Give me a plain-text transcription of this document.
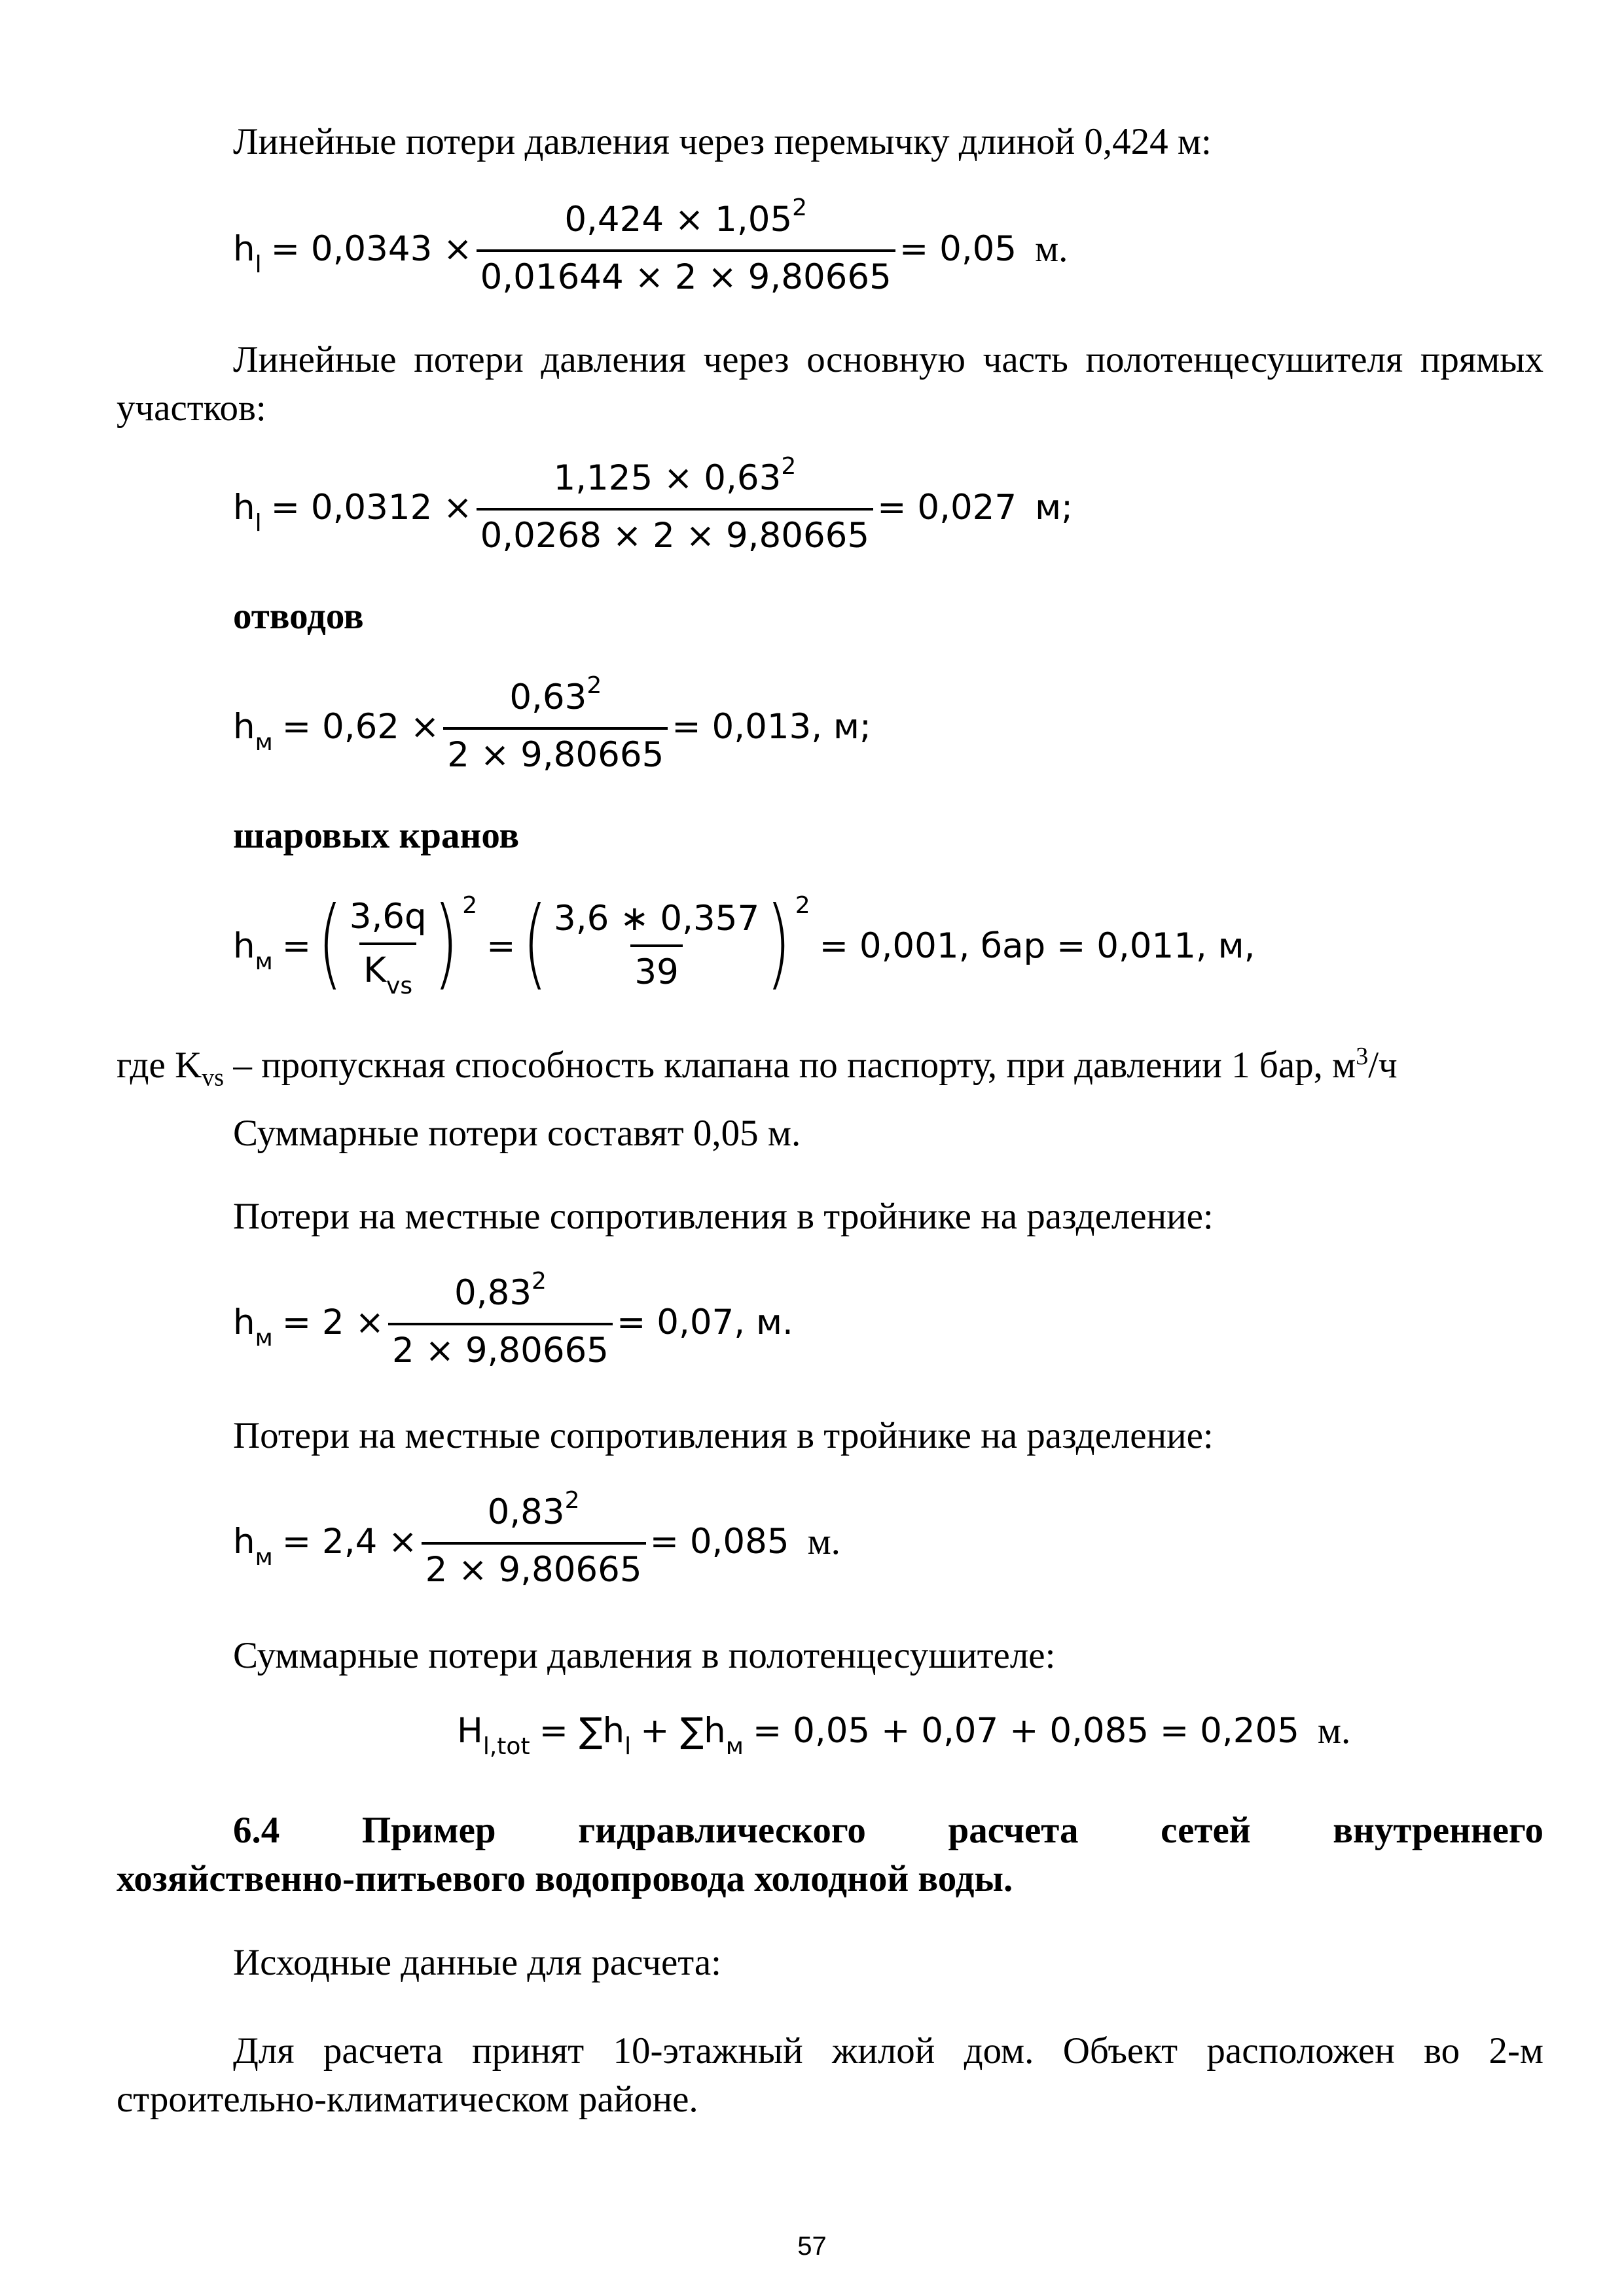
Линейные потери давления через перемычку длиной 0,424 м:

$h_l = 0,0343 \times \frac{0,424 \times 1,05^2}{0,01644 \times 2 \times 9,80665} = 0,05$ м.

Линейные потери давления через основную часть полотенцесушителя прямых участков:

$h_l = 0,0312 \times \frac{1,125 \times 0,63^2}{0,0268 \times 2 \times 9,80665} = 0,027$ м;

отводов

$h_м = 0,62 \times \frac{0,63^2}{2 \times 9,80665} = 0,013$, м;

шаровых кранов

$h_м$ = ( $\frac{3,6q}{K_{vs}}$ ) 2
= ( $\frac{3,6 ∗ 0,357}{39}$ ) 2
= 0,001, бар = 0,011, м,

где $K_{vs}$ – пропускная способность клапана по паспорту, при давлении 1 бар, $м^3/ч$

Суммарные потери составят 0,05 м.

Потери на местные сопротивления в тройнике на разделение:

$h_м = 2 \times \frac{0,83^2}{2 \times 9,80665} = 0,07$, м.

Потери на местные сопротивления в тройнике на разделение:

$h_м = 2,4 \times \frac{0,83^2}{2 \times 9,80665} = 0,085$ м.

Суммарные потери давления в полотенцесушителе:

$H_{l,tot} = \sum h_l + \sum h_м = 0,05 + 0,07 + 0,085 = 0,205$ м.
6.4 Пример гидравлического расчета сетей внутреннего
хозяйственно-питьевого водопровода холодной воды.

Исходные данные для расчета:

Для расчета принят 10-этажный жилой дом. Объект расположен во 2-м строительно-климатическом районе.

57
